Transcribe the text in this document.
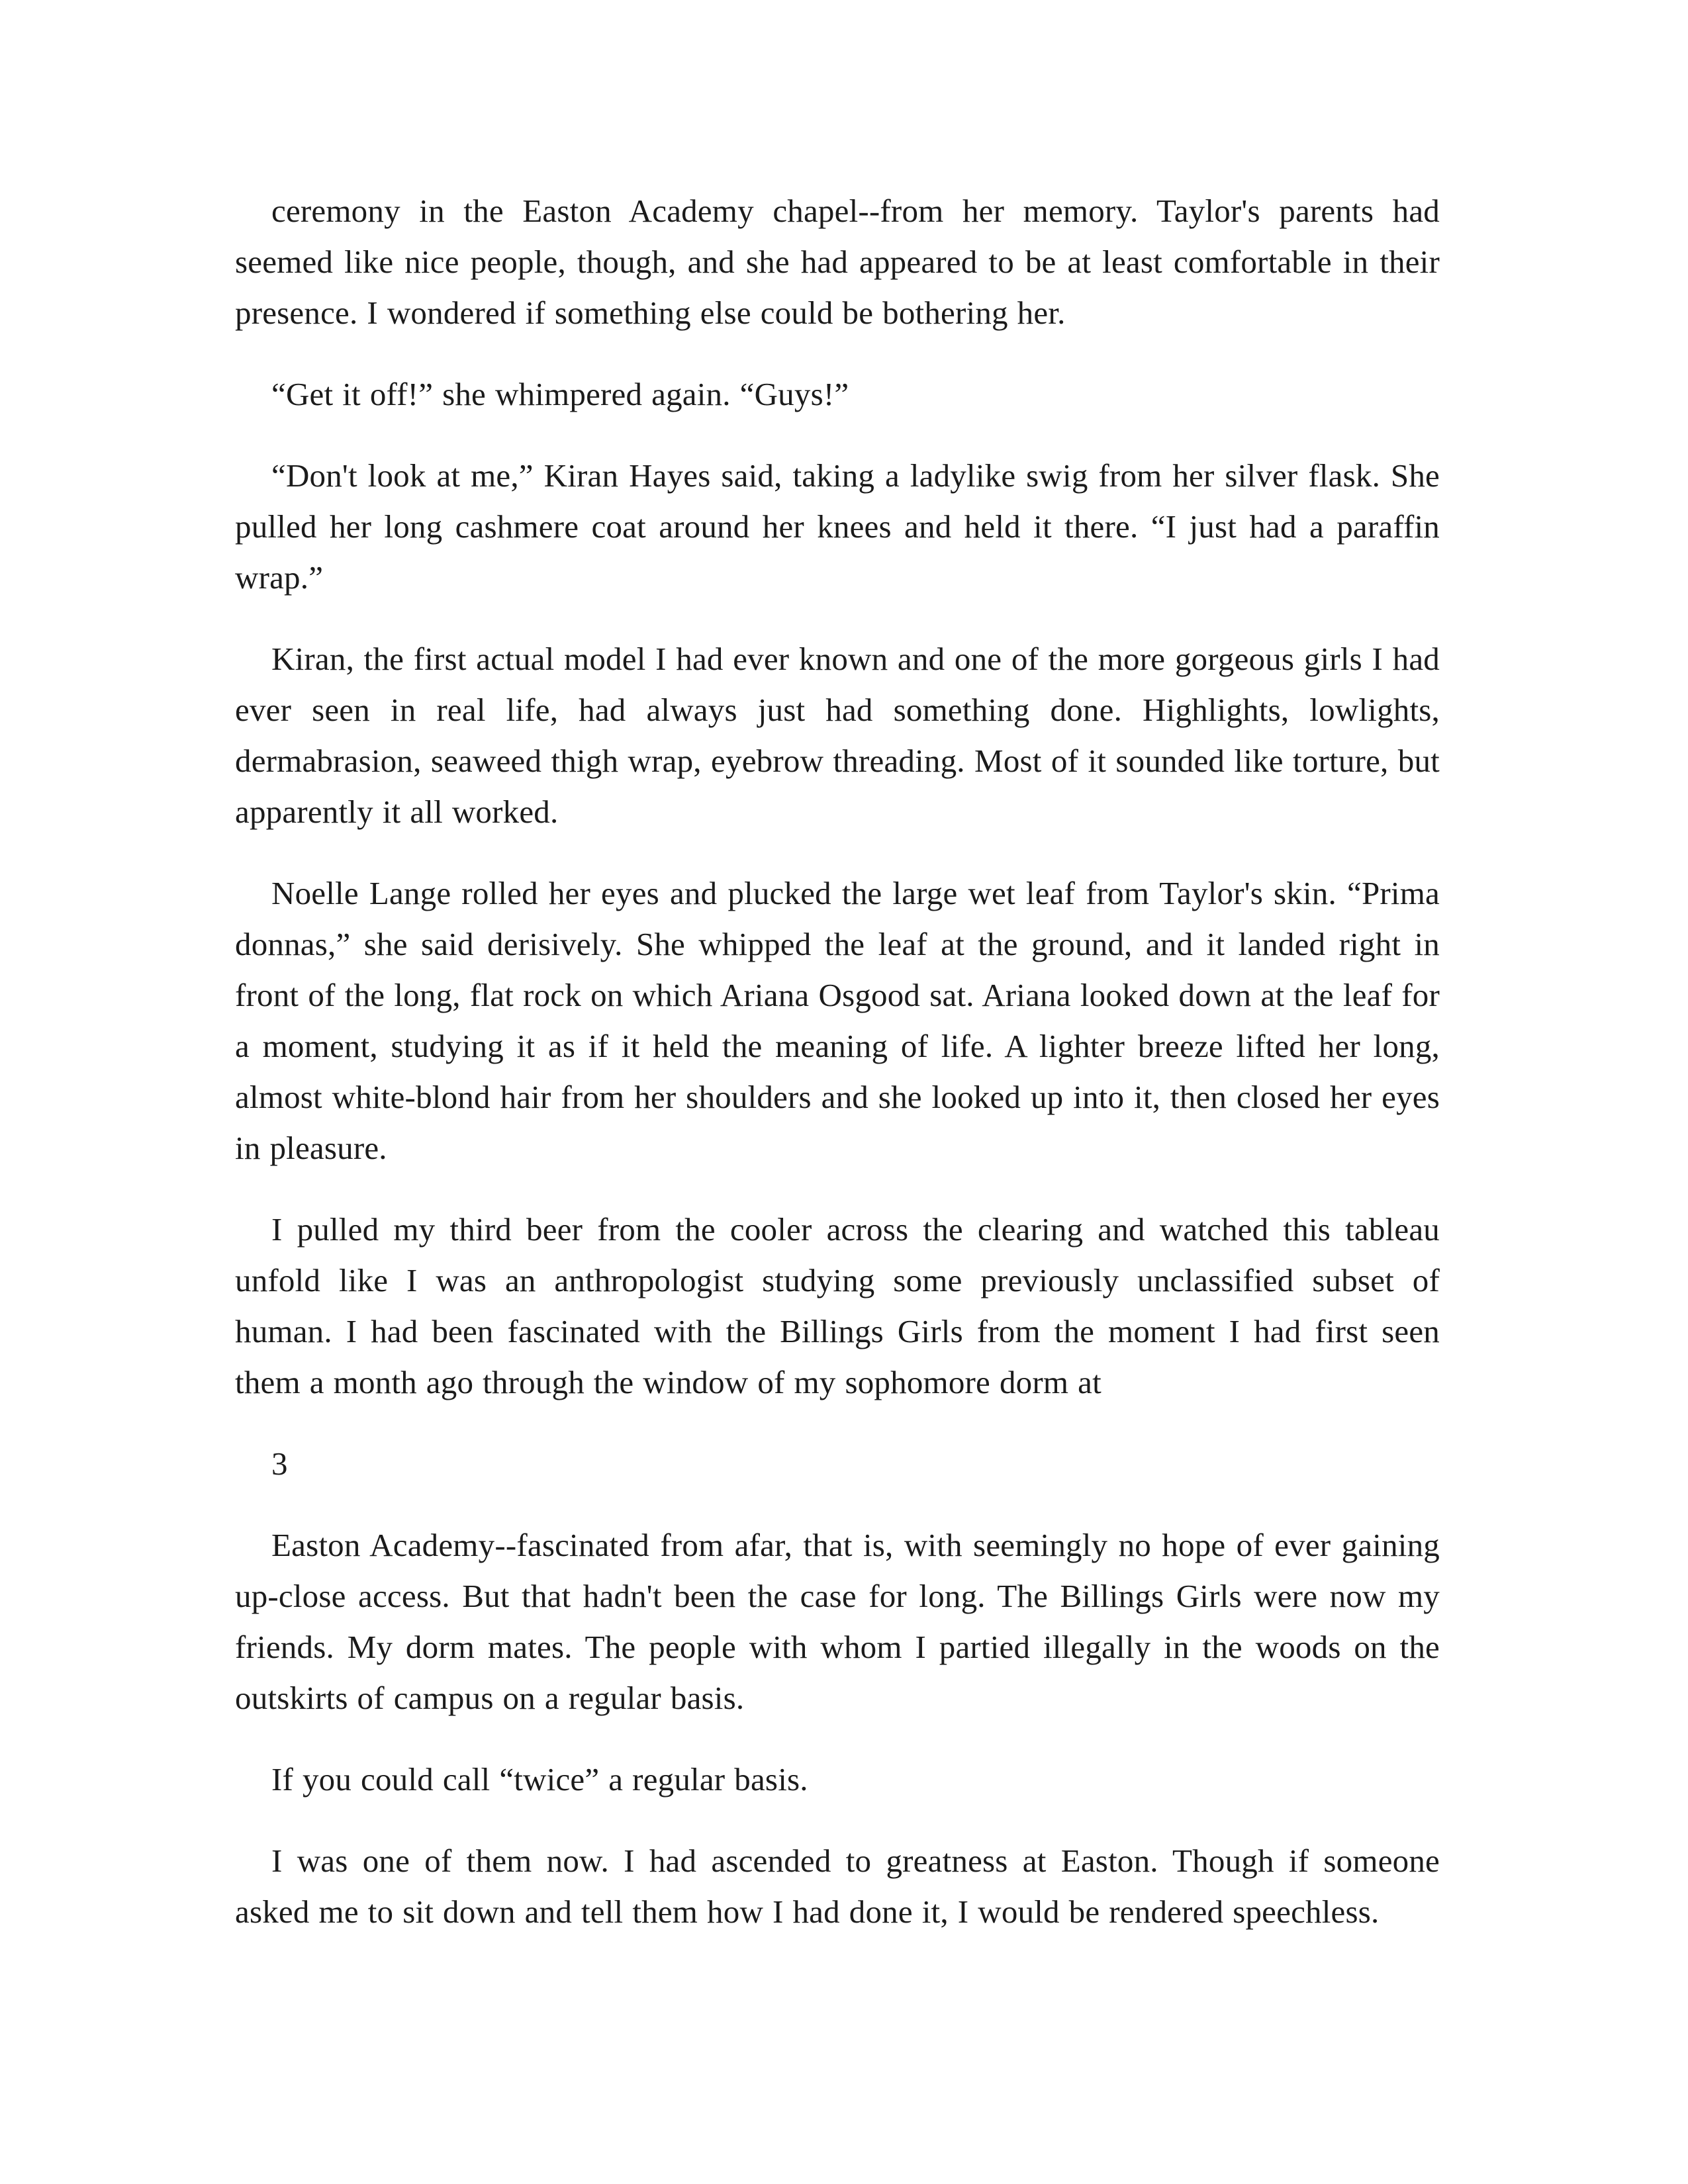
ceremony in the Easton Academy chapel--from her memory. Taylor's parents had seemed like nice people, though, and she had appeared to be at least comfortable in their presence. I wondered if something else could be bothering her.

“Get it off!” she whimpered again. “Guys!”

“Don't look at me,” Kiran Hayes said, taking a ladylike swig from her silver flask. She pulled her long cashmere coat around her knees and held it there. “I just had a paraffin wrap.”

Kiran, the first actual model I had ever known and one of the more gorgeous girls I had ever seen in real life, had always just had something done. Highlights, lowlights, dermabrasion, seaweed thigh wrap, eyebrow threading. Most of it sounded like torture, but apparently it all worked.

Noelle Lange rolled her eyes and plucked the large wet leaf from Taylor's skin. “Prima donnas,” she said derisively. She whipped the leaf at the ground, and it landed right in front of the long, flat rock on which Ariana Osgood sat. Ariana looked down at the leaf for a moment, studying it as if it held the meaning of life. A lighter breeze lifted her long, almost white-blond hair from her shoulders and she looked up into it, then closed her eyes in pleasure.

I pulled my third beer from the cooler across the clearing and watched this tableau unfold like I was an anthropologist studying some previously unclassified subset of human. I had been fascinated with the Billings Girls from the moment I had first seen them a month ago through the window of my sophomore dorm at

3

Easton Academy--fascinated from afar, that is, with seemingly no hope of ever gaining up-close access. But that hadn't been the case for long. The Billings Girls were now my friends. My dorm mates. The people with whom I partied illegally in the woods on the outskirts of campus on a regular basis.

If you could call “twice” a regular basis.

I was one of them now. I had ascended to greatness at Easton. Though if someone asked me to sit down and tell them how I had done it, I would be rendered speechless.
